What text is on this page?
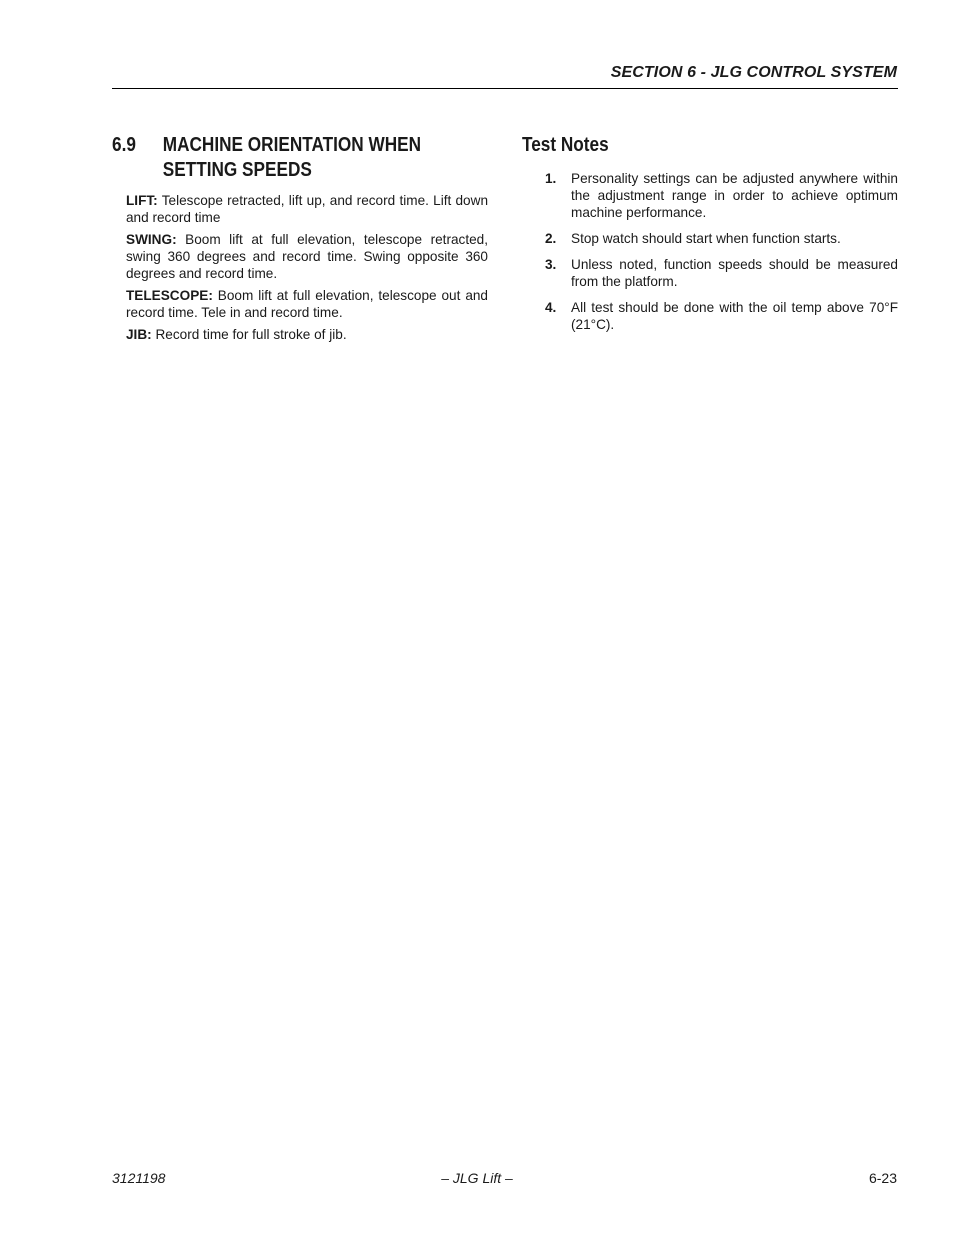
SECTION 6 - JLG CONTROL SYSTEM
6.9	MACHINE ORIENTATION WHEN SETTING SPEEDS
LIFT: Telescope retracted, lift up, and record time. Lift down and record time
SWING: Boom lift at full elevation, telescope retracted, swing 360 degrees and record time. Swing opposite 360 degrees and record time.
TELESCOPE: Boom lift at full elevation, telescope out and record time. Tele in and record time.
JIB: Record time for full stroke of jib.
Test Notes
1.	Personality settings can be adjusted anywhere within the adjustment range in order to achieve optimum machine performance.
2.	Stop watch should start when function starts.
3.	Unless noted, function speeds should be measured from the platform.
4.	All test should be done with the oil temp above 70°F (21°C).
3121198	– JLG Lift –	6-23
